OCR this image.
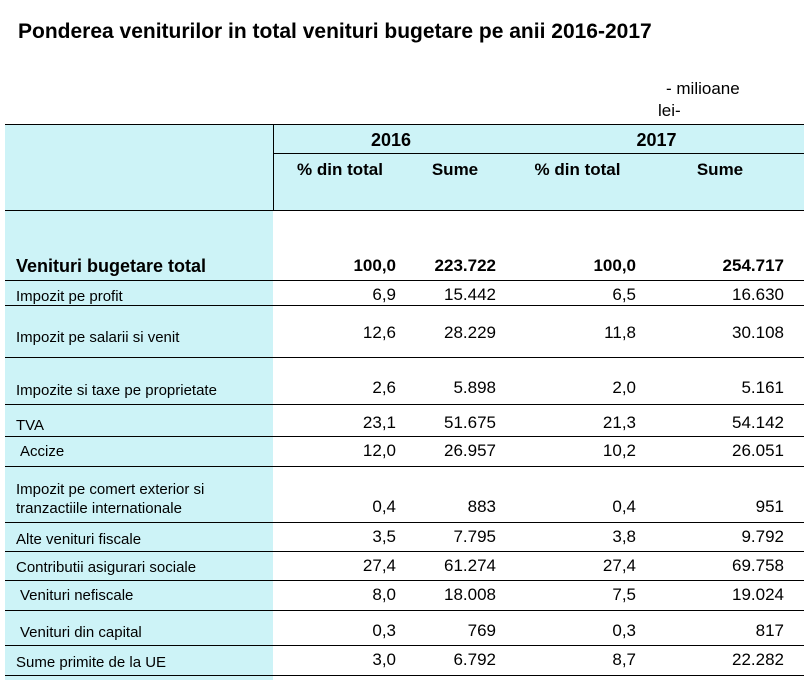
Ponderea veniturilor in total venituri bugetare pe anii 2016-2017
- milioane
lei-
2016	2017
% din total	Sume	% din total	Sume
Venituri bugetare total	100,0	223.722	100,0	254.717
Impozit pe profit	6,9	15.442	6,5	16.630
Impozit pe salarii si venit	12,6	28.229	11,8	30.108
Impozite si taxe pe proprietate	2,6	5.898	2,0	5.161
TVA	23,1	51.675	21,3	54.142
Accize	12,0	26.957	10,2	26.051
Impozit pe comert exterior si tranzactiile internationale	0,4	883	0,4	951
Alte venituri fiscale	3,5	7.795	3,8	9.792
Contributii asigurari sociale	27,4	61.274	27,4	69.758
Venituri nefiscale	8,0	18.008	7,5	19.024
Venituri din capital	0,3	769	0,3	817
Sume primite de la UE	3,0	6.792	8,7	22.282
